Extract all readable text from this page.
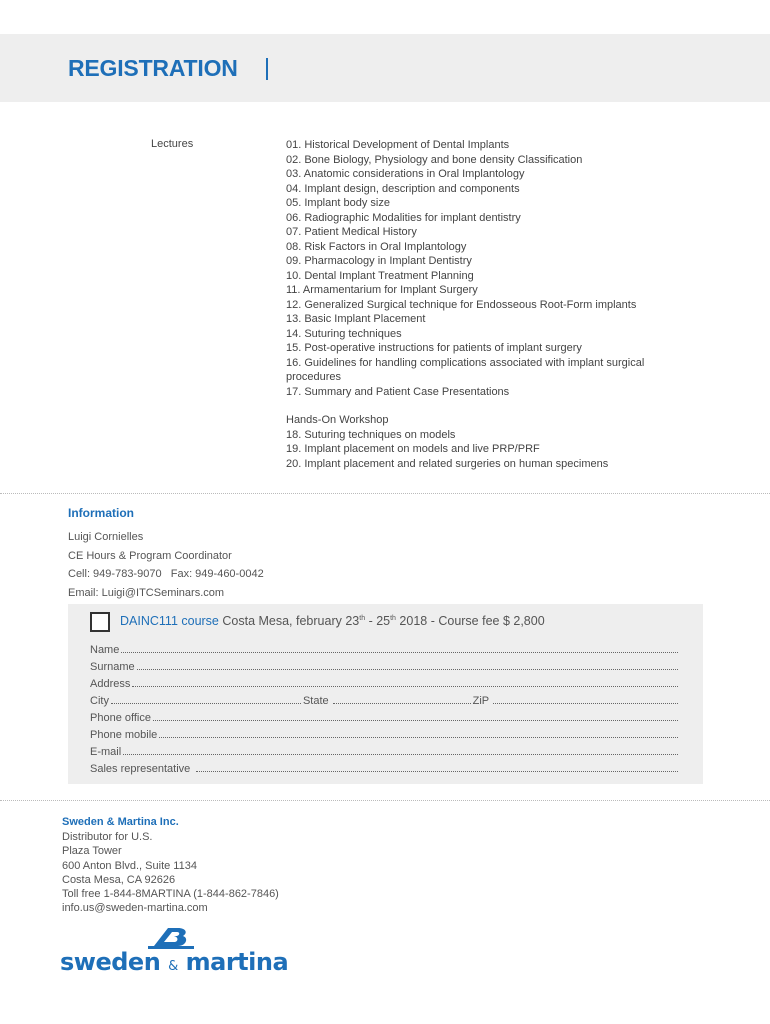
REGISTRATION
Lectures	01. Historical Development of Dental Implants
02. Bone Biology, Physiology and bone density Classification
03. Anatomic considerations in Oral Implantology
04. Implant design, description and components
05. Implant body size
06. Radiographic Modalities for implant dentistry
07. Patient Medical History
08. Risk Factors in Oral Implantology
09. Pharmacology in Implant Dentistry
10. Dental Implant Treatment Planning
11. Armamentarium for Implant Surgery
12. Generalized Surgical technique for Endosseous Root-Form implants
13. Basic Implant Placement
14. Suturing techniques
15. Post-operative instructions for patients of implant surgery
16. Guidelines for handling complications associated with implant surgical procedures
17. Summary and Patient Case Presentations
Hands-On Workshop
18. Suturing techniques on models
19. Implant placement on models and live PRP/PRF
20. Implant placement and related surgeries on human specimens
Information
Luigi Cornielles
CE Hours & Program Coordinator
Cell: 949-783-9070   Fax: 949-460-0042
Email: Luigi@ITCSeminars.com
DAINC111 course Costa Mesa, february 23th - 25th 2018 - Course fee $ 2,800
Name
Surname
Address
City	State	ZiP
Phone office
Phone mobile
E-mail
Sales representative
Sweden & Martina Inc.
Distributor for U.S.
Plaza Tower
600 Anton Blvd., Suite 1134
Costa Mesa, CA 92626
Toll free 1-844-8MARTINA (1-844-862-7846)
info.us@sweden-martina.com
sweden & martina
